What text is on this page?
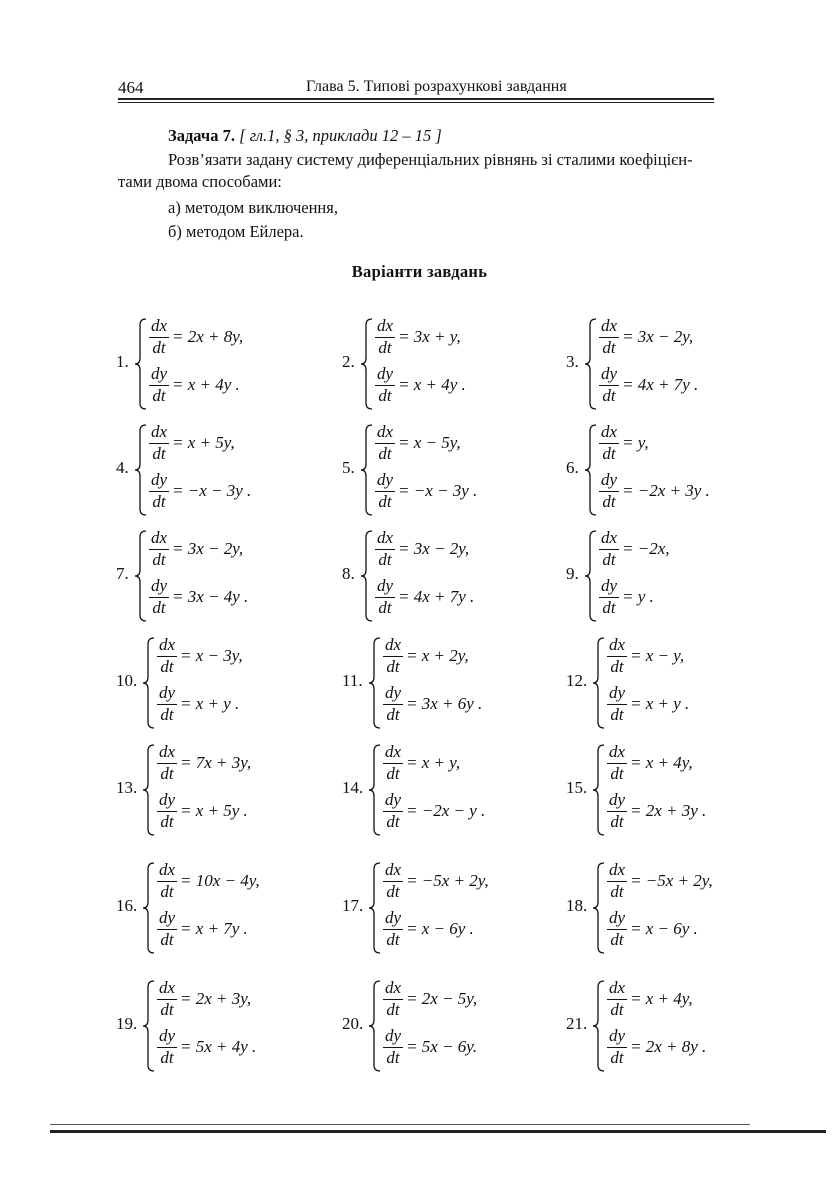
464	Глава 5. Типові розрахункові завдання
Задача 7. [ гл.1, § 3, приклади 12 – 15 ]
Розв’язати задану систему диференціальних рівнянь зі сталими коефіцієн-
тами двома способами:
а) методом виключення,
б) методом Ейлера.
Варіанти завдань
1.
dx
dt
= 2x + 8y,
dy
dt
= x + 4y .
2.
dx
dt
= 3x + y,
dy
dt
= x + 4y .
3.
dx
dt
= 3x − 2y,
dy
dt
= 4x + 7y .
4.
dx
dt
= x + 5y,
dy
dt
= −x − 3y .
5.
dx
dt
= x − 5y,
dy
dt
= −x − 3y .
6.
dx
dt
= y,
dy
dt
= −2x + 3y .
7.
dx
dt
= 3x − 2y,
dy
dt
= 3x − 4y .
8.
dx
dt
= 3x − 2y,
dy
dt
= 4x + 7y .
9.
dx
dt
= −2x,
dy
dt
= y .
10.
dx
dt
= x − 3y,
dy
dt
= x + y .
11.
dx
dt
= x + 2y,
dy
dt
= 3x + 6y .
12.
dx
dt
= x − y,
dy
dt
= x + y .
13.
dx
dt
= 7x + 3y,
dy
dt
= x + 5y .
14.
dx
dt
= x + y,
dy
dt
= −2x − y .
15.
dx
dt
= x + 4y,
dy
dt
= 2x + 3y .
16.
dx
dt
= 10x − 4y,
dy
dt
= x + 7y .
17.
dx
dt
= −5x + 2y,
dy
dt
= x − 6y .
18.
dx
dt
= −5x + 2y,
dy
dt
= x − 6y .
19.
dx
dt
= 2x + 3y,
dy
dt
= 5x + 4y .
20.
dx
dt
= 2x − 5y,
dy
dt
= 5x − 6y.
21.
dx
dt
= x + 4y,
dy
dt
= 2x + 8y .
